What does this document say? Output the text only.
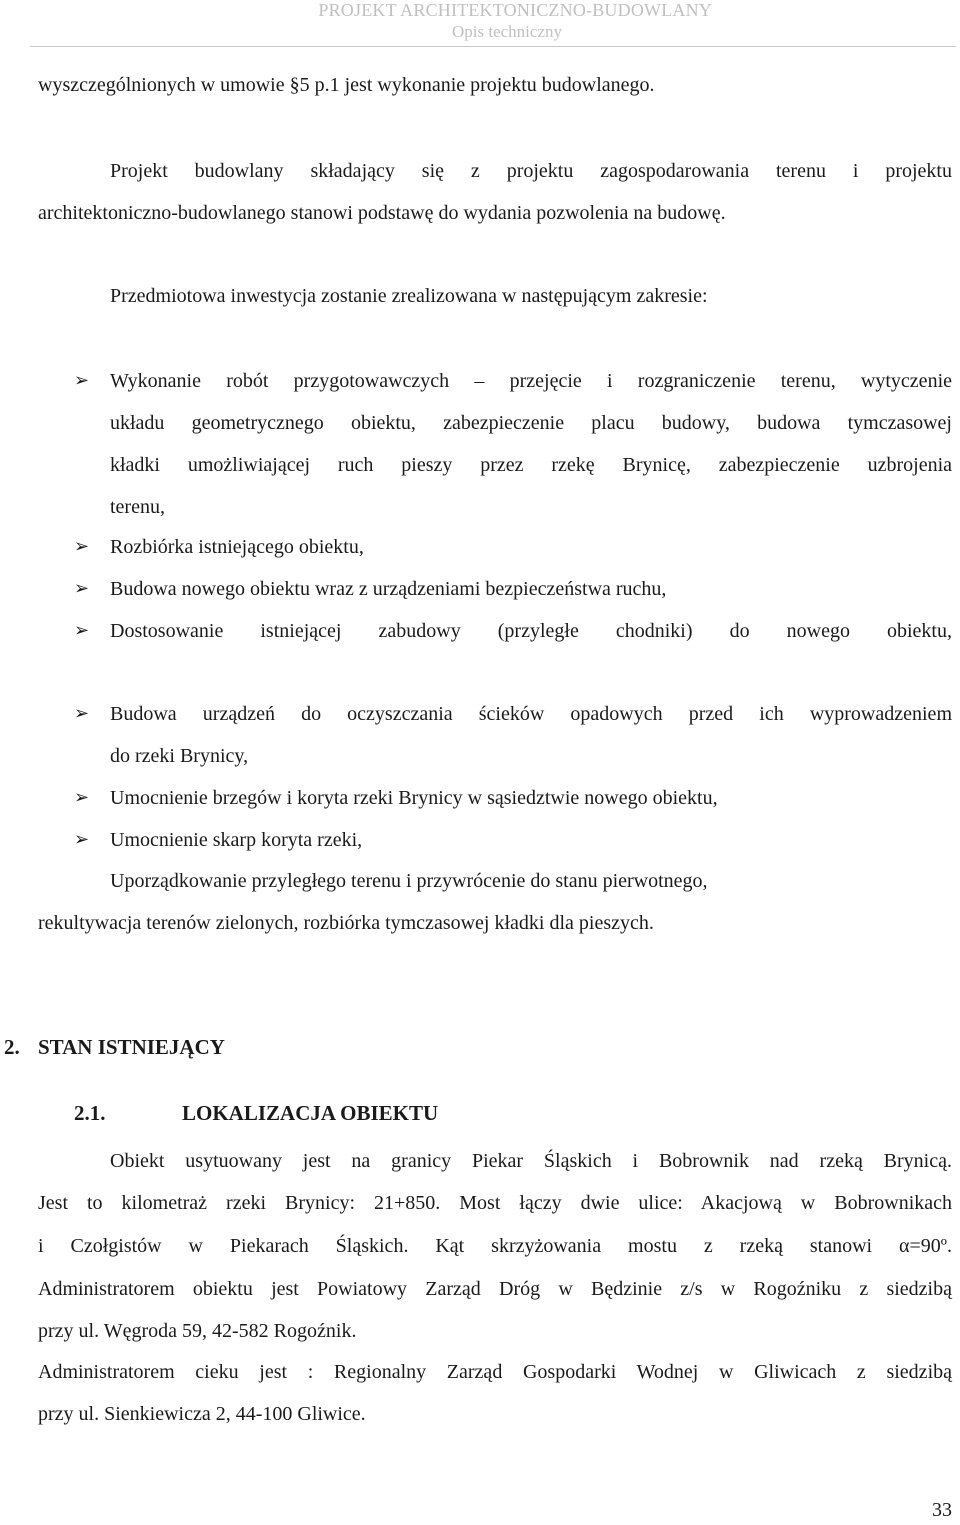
PROJEKT ARCHITEKTONICZNO-BUDOWLANY
Opis techniczny
wyszczególnionych w umowie §5 p.1 jest wykonanie projektu budowlanego.
Projekt budowlany składający się z projektu zagospodarowania terenu i projektu
architektoniczno-budowlanego stanowi podstawę do wydania pozwolenia na budowę.
Przedmiotowa inwestycja zostanie zrealizowana w następującym zakresie:
➢ Wykonanie robót przygotowawczych – przejęcie i rozgraniczenie terenu, wytyczenie
układu geometrycznego obiektu, zabezpieczenie placu budowy, budowa tymczasowej
kładki umożliwiającej ruch pieszy przez rzekę Brynicę, zabezpieczenie uzbrojenia
terenu,
➢ Rozbiórka istniejącego obiektu,
➢ Budowa nowego obiektu wraz z urządzeniami bezpieczeństwa ruchu,
➢ Dostosowanie istniejącej zabudowy (przyległe chodniki) do nowego obiektu,
➢ Budowa urządzeń do oczyszczania ścieków opadowych przed ich wyprowadzeniem
do rzeki Brynicy,
➢ Umocnienie brzegów i koryta rzeki Brynicy w sąsiedztwie nowego obiektu,
➢ Umocnienie skarp koryta rzeki,
Uporządkowanie przyległego terenu i przywrócenie do stanu pierwotnego,
rekultywacja terenów zielonych, rozbiórka tymczasowej kładki dla pieszych.
2. STAN ISTNIEJĄCY
2.1.	LOKALIZACJA OBIEKTU
Obiekt usytuowany jest na granicy Piekar Śląskich i Bobrownik nad rzeką Brynicą.
Jest to kilometraż rzeki Brynicy: 21+850. Most łączy dwie ulice: Akacjową w Bobrownikach
i Czołgistów w Piekarach Śląskich. Kąt skrzyżowania mostu z rzeką stanowi α=90º.
Administratorem obiektu jest Powiatowy Zarząd Dróg w Będzinie z/s w Rogoźniku z siedzibą
przy ul. Węgroda 59, 42-582 Rogoźnik.
Administratorem cieku jest : Regionalny Zarząd Gospodarki Wodnej w Gliwicach z siedzibą
przy ul. Sienkiewicza 2, 44-100 Gliwice.
33
